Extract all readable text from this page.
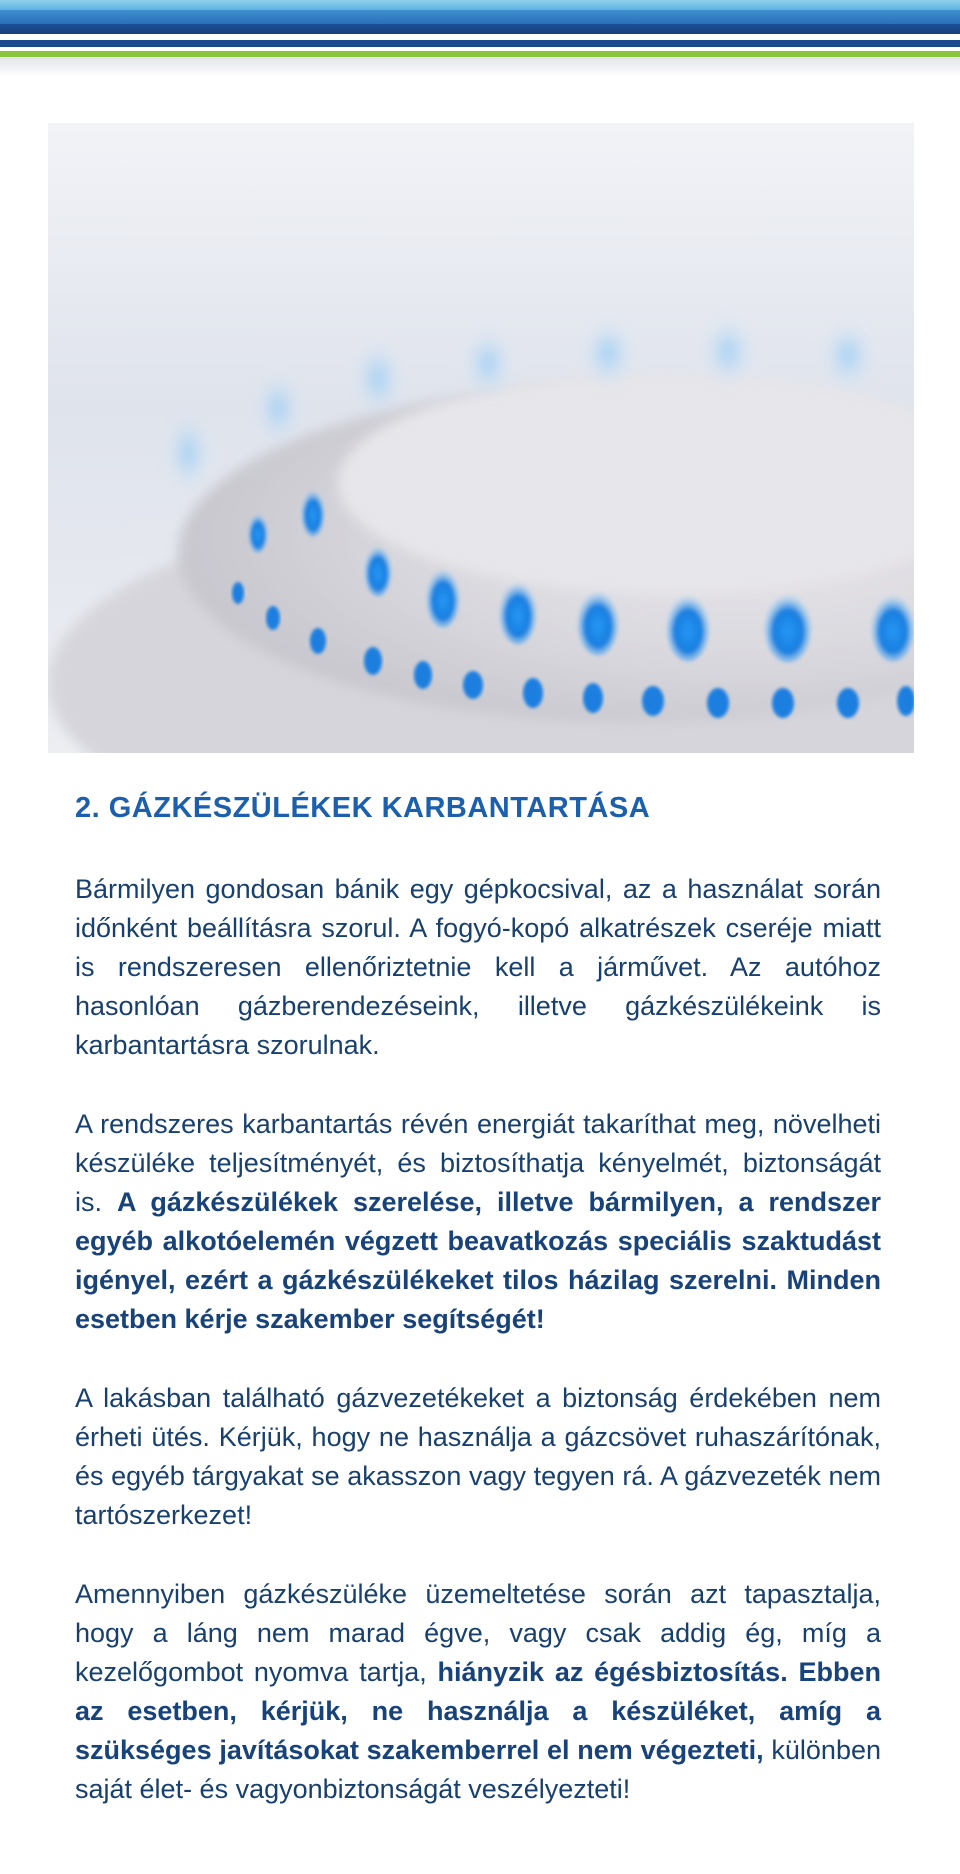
2. GÁZKÉSZÜLÉKEK KARBANTARTÁSA

Bármilyen gondosan bánik egy gépkocsival, az a használat során időnként beállításra szorul. A fogyó-kopó alkatrészek cseréje miatt is rendszeresen ellenőriztetnie kell a járművet. Az autóhoz hasonlóan gázberendezéseink, illetve gázkészülékeink is karbantartásra szorulnak.

A rendszeres karbantartás révén energiát takaríthat meg, növelheti készüléke teljesítményét, és biztosíthatja kényelmét, biztonságát is. A gázkészülékek szerelése, illetve bármilyen, a rendszer egyéb alkotóelemén végzett beavatkozás speciális szaktudást igényel, ezért a gázkészülékeket tilos házilag szerelni. Minden esetben kérje szakember segítségét!

A lakásban található gázvezetékeket a biztonság érdekében nem érheti ütés. Kérjük, hogy ne használja a gázcsövet ruhaszárítónak, és egyéb tárgyakat se akasszon vagy tegyen rá. A gázvezeték nem tartószerkezet!

Amennyiben gázkészüléke üzemeltetése során azt tapasztalja, hogy a láng nem marad égve, vagy csak addig ég, míg a kezelőgombot nyomva tartja, hiányzik az égésbiztosítás. Ebben az esetben, kérjük, ne használja a készüléket, amíg a szükséges javításokat szakemberrel el nem végezteti, különben saját élet- és vagyonbiztonságát veszélyezteti!
